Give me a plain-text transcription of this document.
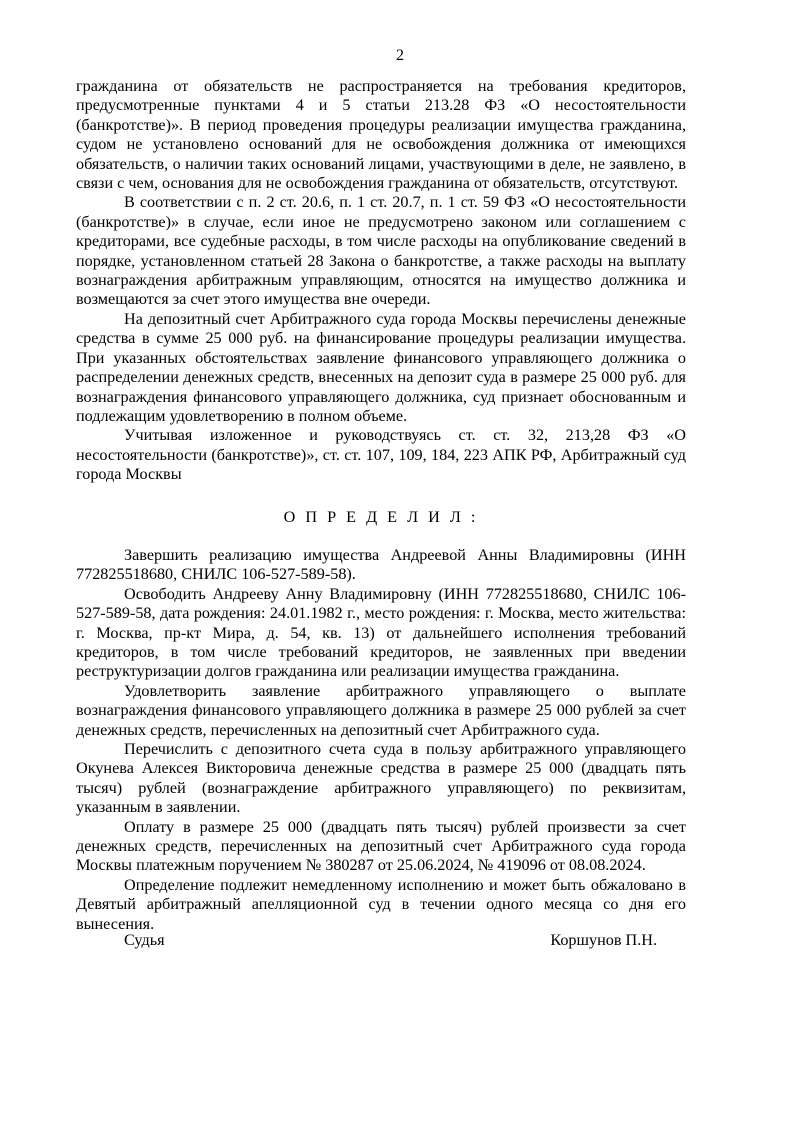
2

гражданина от обязательств не распространяется на требования кредиторов, предусмотренные пунктами 4 и 5 статьи 213.28 ФЗ «О несостоятельности (банкротстве)». В период проведения процедуры реализации имущества гражданина, судом не установлено оснований для не освобождения должника от имеющихся обязательств, о наличии таких оснований лицами, участвующими в деле, не заявлено, в связи с чем, основания для не освобождения гражданина от обязательств, отсутствуют.

В соответствии с п. 2 ст. 20.6, п. 1 ст. 20.7, п. 1 ст. 59 ФЗ «О несостоятельности (банкротстве)» в случае, если иное не предусмотрено законом или соглашением с кредиторами, все судебные расходы, в том числе расходы на опубликование сведений в порядке, установленном статьей 28 Закона о банкротстве, а также расходы на выплату вознаграждения арбитражным управляющим, относятся на имущество должника и возмещаются за счет этого имущества вне очереди.

На депозитный счет Арбитражного суда города Москвы перечислены денежные средства в сумме 25 000 руб. на финансирование процедуры реализации имущества. При указанных обстоятельствах заявление финансового управляющего должника о распределении денежных средств, внесенных на депозит суда в размере 25 000 руб. для вознаграждения финансового управляющего должника, суд признает обоснованным и подлежащим удовлетворению в полном объеме.

Учитывая изложенное и руководствуясь ст. ст. 32, 213,28 ФЗ «О несостоятельности (банкротстве)», ст. ст. 107, 109, 184, 223 АПК РФ, Арбитражный суд города Москвы

О П Р Е Д Е Л И Л :

Завершить реализацию имущества Андреевой Анны Владимировны (ИНН 772825518680, СНИЛС 106-527-589-58).

Освободить Андрееву Анну Владимировну (ИНН 772825518680, СНИЛС 106-527-589-58, дата рождения: 24.01.1982 г., место рождения: г. Москва, место жительства: г. Москва, пр-кт Мира, д. 54, кв. 13) от дальнейшего исполнения требований кредиторов, в том числе требований кредиторов, не заявленных при введении реструктуризации долгов гражданина или реализации имущества гражданина.

Удовлетворить заявление арбитражного управляющего о выплате вознаграждения финансового управляющего должника в размере 25 000 рублей за счет денежных средств, перечисленных на депозитный счет Арбитражного суда.

Перечислить с депозитного счета суда в пользу арбитражного управляющего Окунева Алексея Викторовича денежные средства в размере 25 000 (двадцать пять тысяч) рублей (вознаграждение арбитражного управляющего) по реквизитам, указанным в заявлении.

Оплату в размере 25 000 (двадцать пять тысяч) рублей произвести за счет денежных средств, перечисленных на депозитный счет Арбитражного суда города Москвы платежным поручением № 380287 от 25.06.2024, № 419096 от 08.08.2024.

Определение подлежит немедленному исполнению и может быть обжаловано в Девятый арбитражный апелляционной суд в течении одного месяца со дня его вынесения.

Судья	Коршунов П.Н.
